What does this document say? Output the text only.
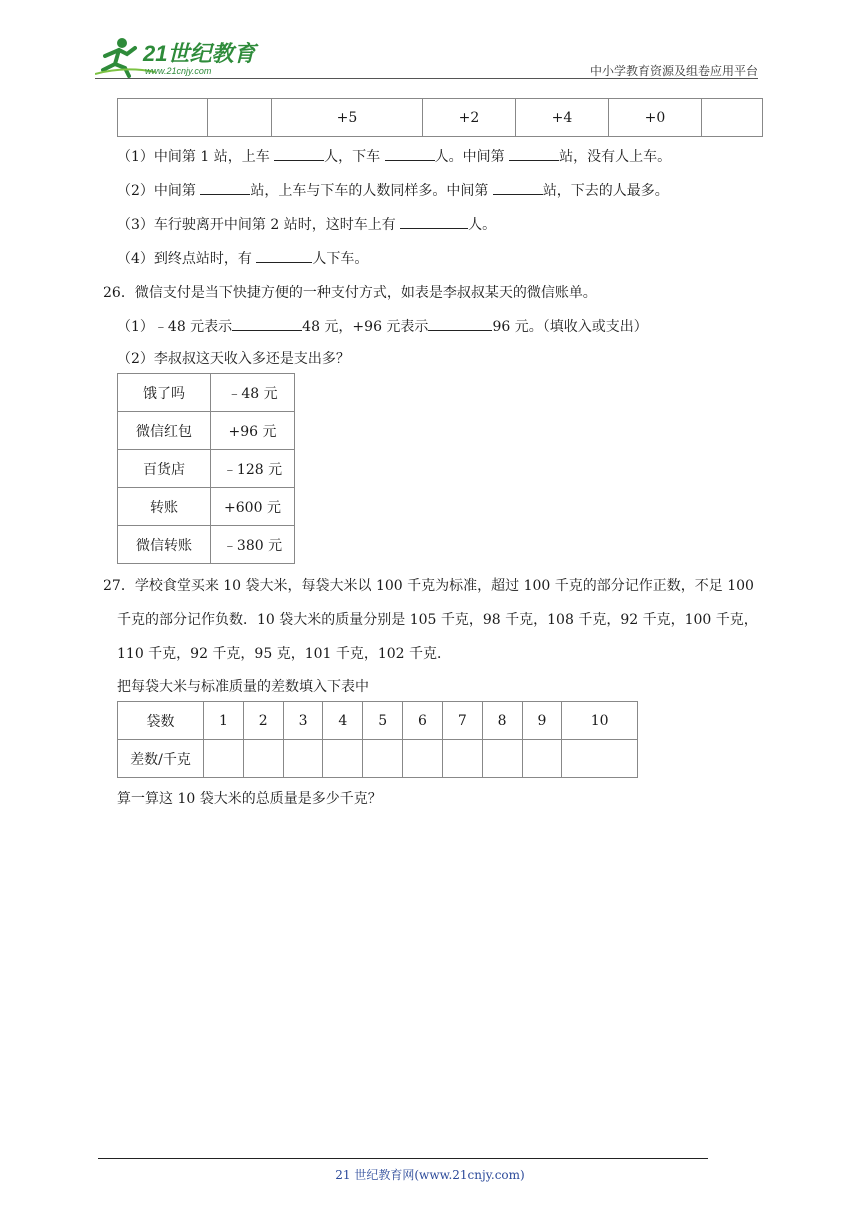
21世纪教育
www.21cnjy.com	中小学教育资源及组卷应用平台
		+5	+2	+4	+0	
（1）中间第 1 站，上车	人，下车	人。中间第	站，没有人上车。
（2）中间第	站，上车与下车的人数同样多。中间第	站，下去的人最多。
（3）车行驶离开中间第 2 站时，这时车上有	人。
（4）到终点站时，有	人下车。
26．微信支付是当下快捷方便的一种支付方式，如表是李叔叔某天的微信账单。
（1）﹣48 元表示	48 元，+96 元表示	96 元。（填收入或支出）
（2）李叔叔这天收入多还是支出多？
饿了吗	﹣48 元
微信红包	+96 元
百货店	﹣128 元
转账	+600 元
微信转账	﹣380 元
27．学校食堂买来 10 袋大米，每袋大米以 100 千克为标准，超过 100 千克的部分记作正数，不足 100
千克的部分记作负数．10 袋大米的质量分别是 105 千克，98 千克，108 千克，92 千克，100 千克，
110 千克，92 千克，95 克，101 千克，102 千克．
把每袋大米与标准质量的差数填入下表中
袋数	1	2	3	4	5	6	7	8	9	10
差数/千克										
算一算这 10 袋大米的总质量是多少千克？
21 世纪教育网(www.21cnjy.com)
